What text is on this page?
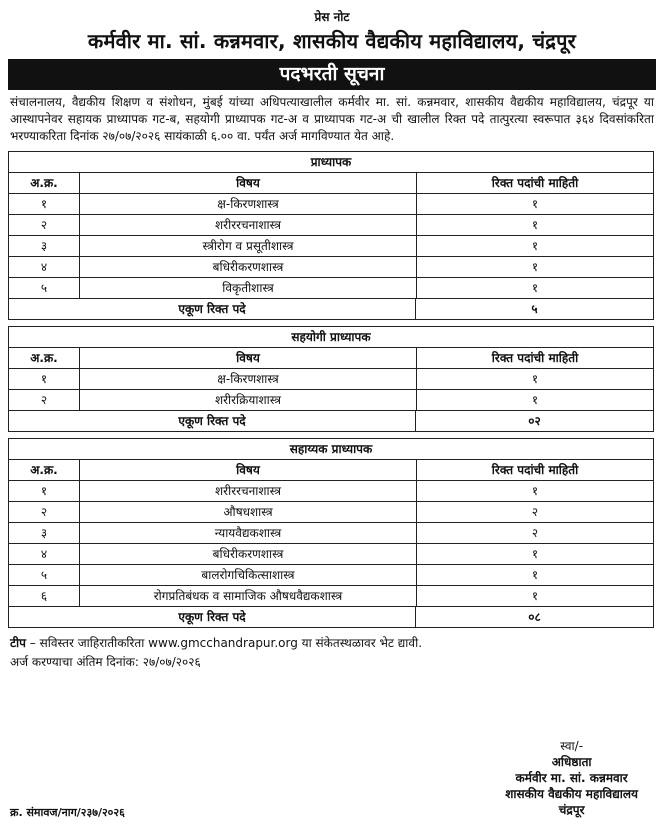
प्रेस नोट
कर्मवीर मा. सां. कन्नमवार, शासकीय वैद्यकीय महाविद्यालय, चंद्रपूर
पदभरती सूचना
संचालनालय, वैद्यकीय शिक्षण व संशोधन, मुंबई यांच्या अधिपत्याखालील कर्मवीर मा. सां. कन्नमवार, शासकीय वैद्यकीय महाविद्यालय, चंद्रपूर या आस्थापनेवर सहायक प्राध्यापक गट-ब, सहयोगी प्राध्यापक गट-अ व प्राध्यापक गट-अ ची खालील रिक्त पदे तात्पुरत्या स्वरूपात ३६४ दिवसांकरिता भरण्याकरिता दिनांक २७/०७/२०२६ सायंकाळी ६.०० वा. पर्यंत अर्ज मागविण्यात येत आहे.
प्राध्यापक
अ.क्र.	विषय	रिक्त पदांची माहिती
१	क्ष-किरणशास्त्र	१
२	शरीररचनाशास्त्र	१
३	स्त्रीरोग व प्रसूतीशास्त्र	१
४	बधिरीकरणशास्त्र	१
५	विकृतीशास्त्र	१
एकूण रिक्त पदे	५
सहयोगी प्राध्यापक
अ.क्र.	विषय	रिक्त पदांची माहिती
१	क्ष-किरणशास्त्र	१
२	शरीरक्रियाशास्त्र	१
एकूण रिक्त पदे	०२
सहाय्यक प्राध्यापक
अ.क्र.	विषय	रिक्त पदांची माहिती
१	शरीररचनाशास्त्र	१
२	औषधशास्त्र	२
३	न्यायवैद्यकशास्त्र	२
४	बधिरीकरणशास्त्र	१
५	बालरोगचिकित्साशास्त्र	१
६	रोगप्रतिबंधक व सामाजिक औषधवैद्यकशास्त्र	१
एकूण रिक्त पदे	०८
टीप – सविस्तर जाहिरातीकरिता www.gmcchandrapur.org या संकेतस्थळावर भेट द्यावी.
अर्ज करण्याचा अंतिम दिनांक: २७/०७/२०२६
स्वा/-
अधिष्ठाता
कर्मवीर मा. सां. कन्नमवार
शासकीय वैद्यकीय महाविद्यालय
चंद्रपूर
क्र. संमावज/नाग/२३७/२०२६
